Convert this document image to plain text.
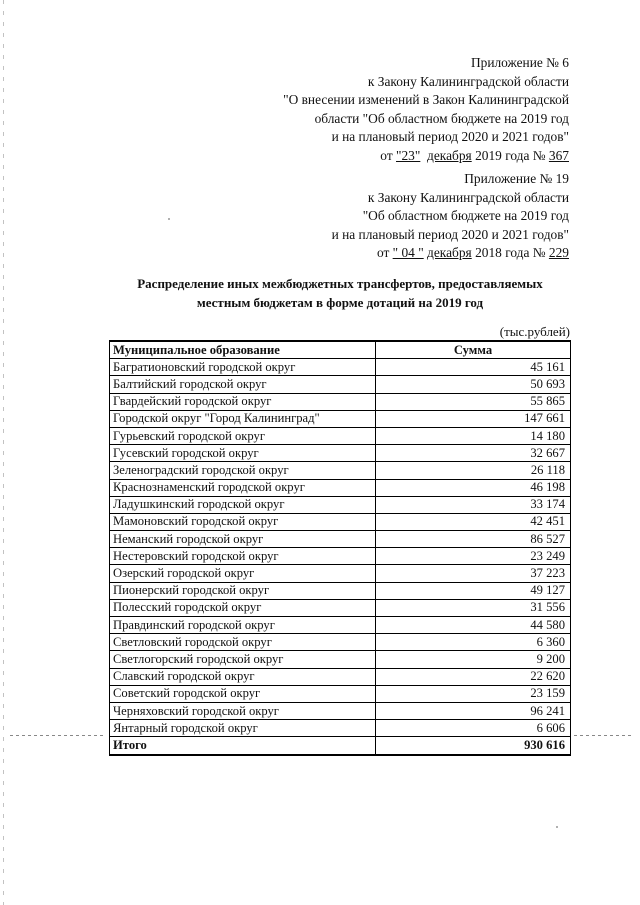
Приложение № 6
к Закону Калининградской области
"О внесении изменений в Закон Калининградской
области "Об областном бюджете на 2019 год
и на плановый период 2020 и 2021 годов"
от "23" декабря 2019 года № 367
Приложение № 19
к Закону Калининградской области
"Об областном бюджете на 2019 год
и на плановый период 2020 и 2021 годов"
от " 04 " декабря 2018 года № 229
Распределение иных межбюджетных трансфертов, предоставляемых
местным бюджетам в форме дотаций на 2019 год
(тыс.рублей)
Муниципальное образование	Сумма
Багратионовский городской округ	45 161
Балтийский городской округ	50 693
Гвардейский городской округ	55 865
Городской округ "Город Калининград"	147 661
Гурьевский городской округ	14 180
Гусевский городской округ	32 667
Зеленоградский городской округ	26 118
Краснознаменский городской округ	46 198
Ладушкинский городской округ	33 174
Мамоновский городской округ	42 451
Неманский городской округ	86 527
Нестеровский городской округ	23 249
Озерский городской округ	37 223
Пионерский городской округ	49 127
Полесский городской округ	31 556
Правдинский городской округ	44 580
Светловский городской округ	6 360
Светлогорский городской округ	9 200
Славский городской округ	22 620
Советский городской округ	23 159
Черняховский городской округ	96 241
Янтарный городской округ	6 606
Итого	930 616
